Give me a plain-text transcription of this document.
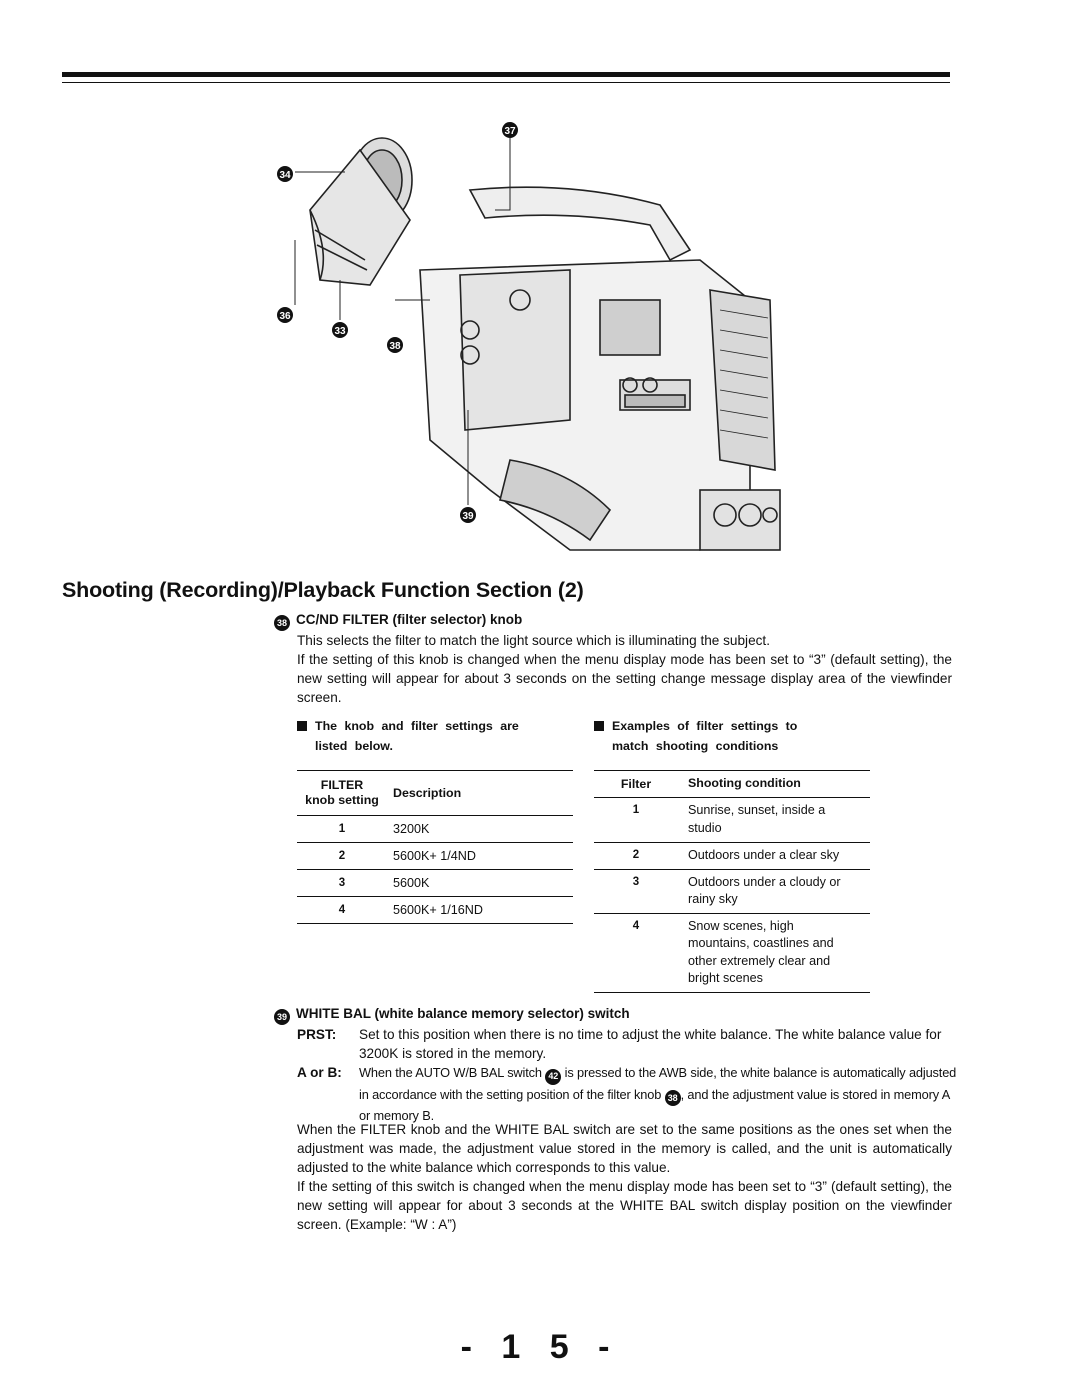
37
34
36
33
38
39
Shooting (Recording)/Playback Function Section (2)
38 CC/ND FILTER (filter selector) knob

This selects the filter to match the light source which is illuminating the subject.

If the setting of this knob is changed when the menu display mode has been set to “3” (default setting), the new setting will appear for about 3 seconds on the setting change message display area of the viewfinder screen.

The knob and filter settings are
listed below.
Examples of filter settings to
match shooting conditions
FILTER
knob setting	Description
1	3200K
2	5600K+ 1/4ND
3	5600K
4	5600K+ 1/16ND
Filter	Shooting condition
1	Sunrise, sunset, inside a studio
2	Outdoors under a clear sky
3	Outdoors under a cloudy or rainy sky
4	Snow scenes, high mountains, coastlines and other extremely clear and bright scenes
39 WHITE BAL (white balance memory selector) switch
PRST:	Set to this position when there is no time to adjust the white balance. The white balance value for 3200K is stored in the memory.

A or B:	When the AUTO W/B BAL switch 42 is pressed to the AWB side, the white balance is automatically adjusted in accordance with the setting position of the filter knob 38 , and the adjustment value is stored in memory A or memory B.

When the FILTER knob and the WHITE BAL switch are set to the same positions as the ones set when the adjustment was made, the adjustment value stored in the memory is called, and the unit is automatically adjusted to the white balance which corresponds to this value.

If the setting of this switch is changed when the menu display mode has been set to “3” (default setting), the new setting will appear for about 3 seconds at the WHITE BAL switch display position on the viewfinder screen. (Example: “W : A”)

- 1 5 -
